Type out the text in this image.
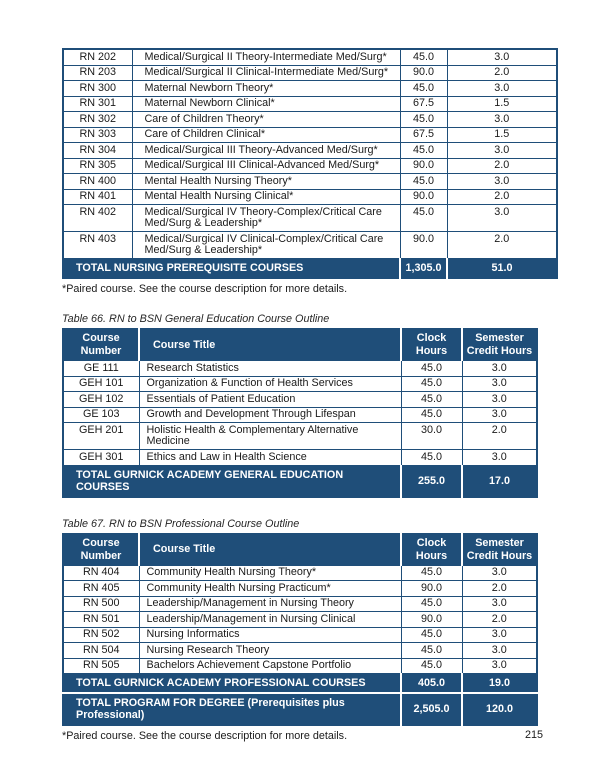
RN 202	Medical/Surgical II Theory-Intermediate Med/Surg*	45.0	3.0
RN 203	Medical/Surgical II Clinical-Intermediate Med/Surg*	90.0	2.0
RN 300	Maternal Newborn Theory*	45.0	3.0
RN 301	Maternal Newborn Clinical*	67.5	1.5
RN 302	Care of Children Theory*	45.0	3.0
RN 303	Care of Children Clinical*	67.5	1.5
RN 304	Medical/Surgical III Theory-Advanced Med/Surg*	45.0	3.0
RN 305	Medical/Surgical III Clinical-Advanced Med/Surg*	90.0	2.0
RN 400	Mental Health Nursing Theory*	45.0	3.0
RN 401	Mental Health Nursing Clinical*	90.0	2.0
RN 402	Medical/Surgical IV Theory-Complex/Critical Care Med/Surg & Leadership*	45.0	3.0
RN 403	Medical/Surgical IV Clinical-Complex/Critical Care Med/Surg & Leadership*	90.0	2.0
TOTAL NURSING PREREQUISITE COURSES		1,305.0	51.0
*Paired course. See the course description for more details.
Table 66. RN to BSN General Education Course Outline
Course Number	Course Title	Clock Hours	Semester Credit Hours
GE 111	Research Statistics	45.0	3.0
GEH 101	Organization & Function of Health Services	45.0	3.0
GEH 102	Essentials of Patient Education	45.0	3.0
GE 103	Growth and Development Through Lifespan	45.0	3.0
GEH 201	Holistic Health & Complementary Alternative Medicine	30.0	2.0
GEH 301	Ethics and Law in Health Science	45.0	3.0
TOTAL GURNICK ACADEMY GENERAL EDUCATION COURSES		255.0	17.0
Table 67. RN to BSN Professional Course Outline
Course Number	Course Title	Clock Hours	Semester Credit Hours
RN 404	Community Health Nursing Theory*	45.0	3.0
RN 405	Community Health Nursing Practicum*	90.0	2.0
RN 500	Leadership/Management in Nursing Theory	45.0	3.0
RN 501	Leadership/Management in Nursing Clinical	90.0	2.0
RN 502	Nursing Informatics	45.0	3.0
RN 504	Nursing Research Theory	45.0	3.0
RN 505	Bachelors Achievement Capstone Portfolio	45.0	3.0
TOTAL GURNICK ACADEMY PROFESSIONAL COURSES		405.0	19.0
TOTAL PROGRAM FOR DEGREE (Prerequisites plus Professional)		2,505.0	120.0
*Paired course. See the course description for more details.	215
